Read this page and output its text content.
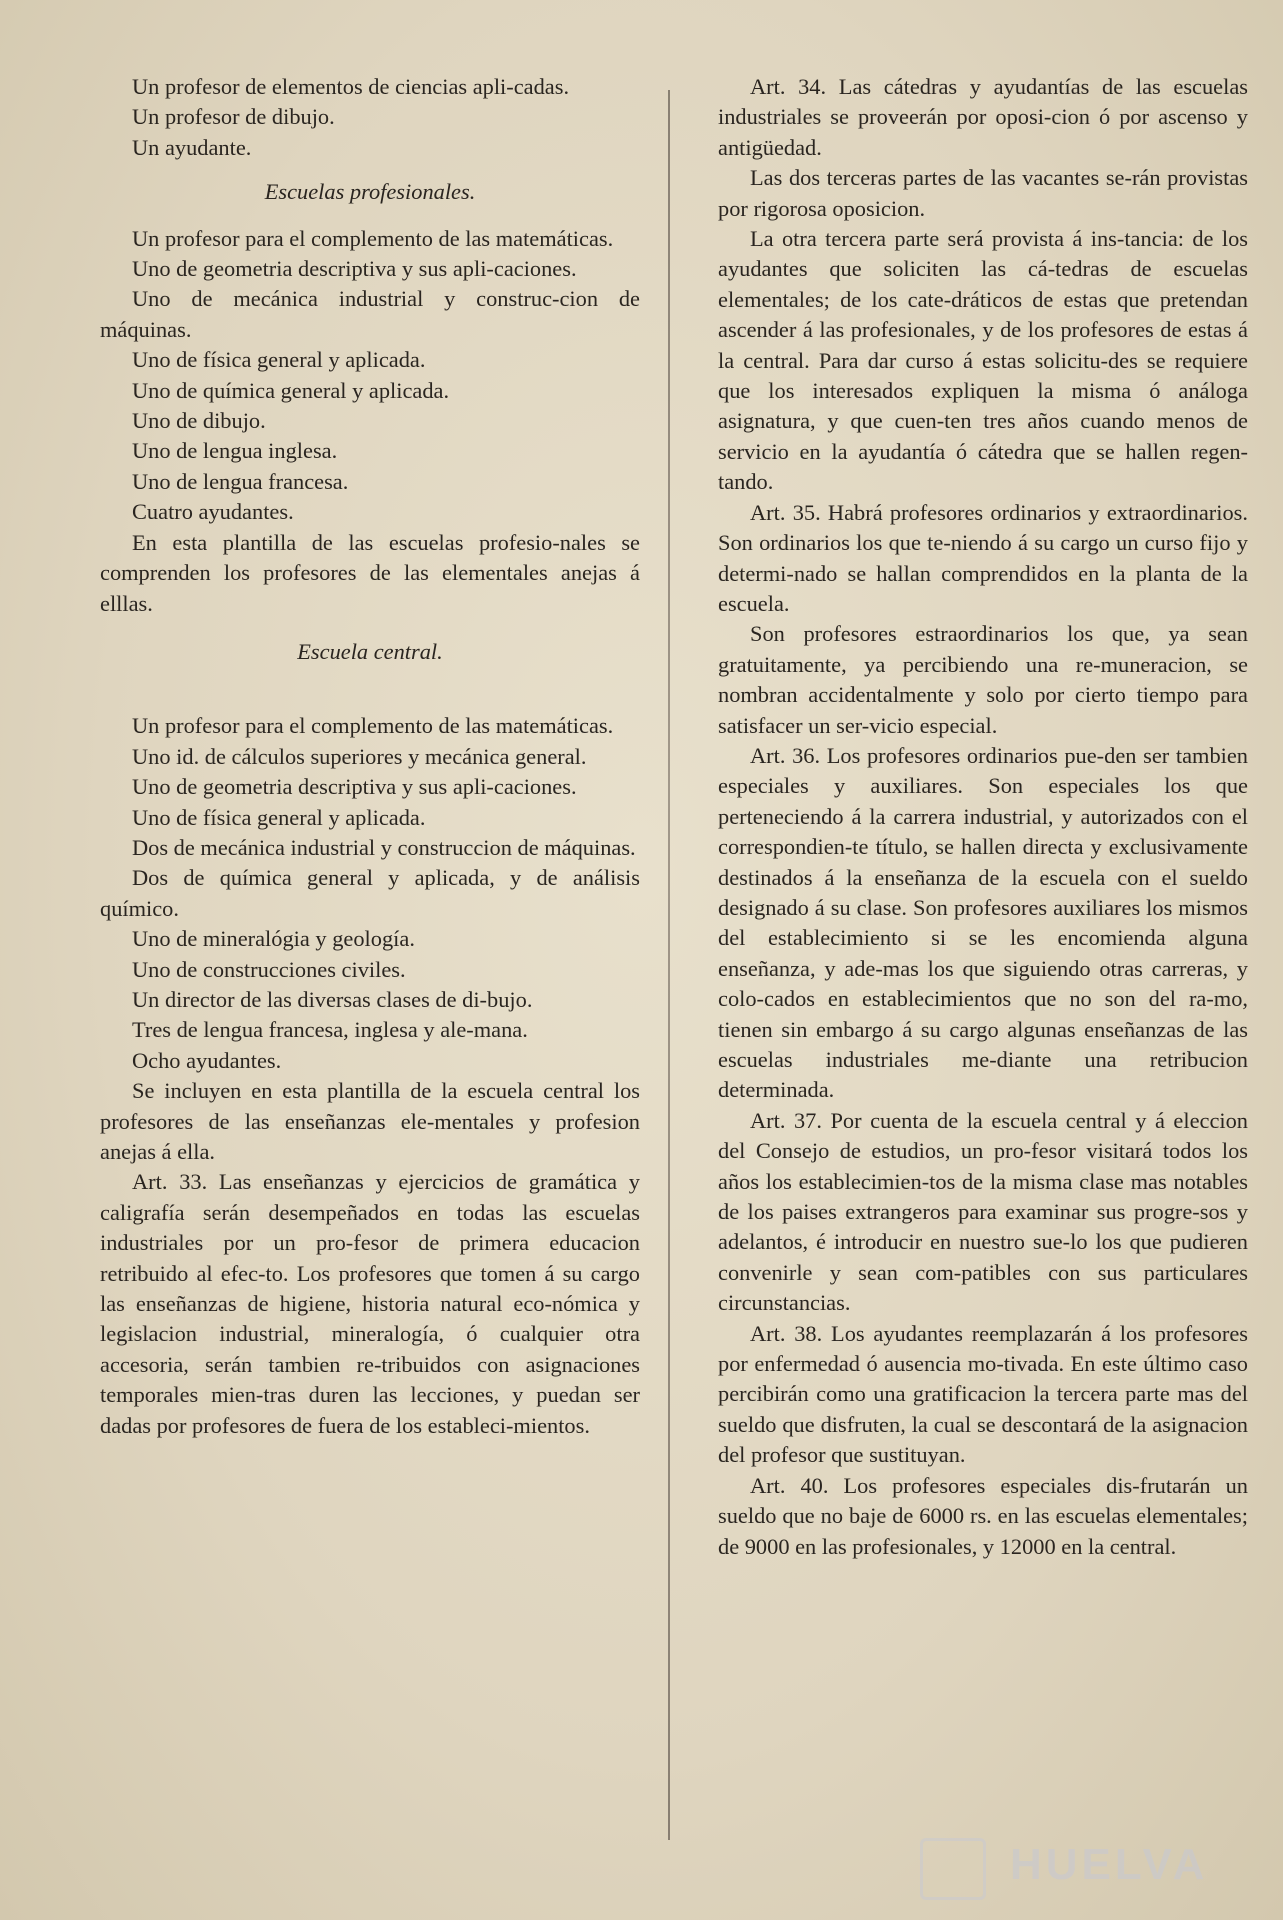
Un profesor de elementos de ciencias apli-cadas.

Un profesor de dibujo.

Un ayudante.

Escuelas profesionales.

Un profesor para el complemento de las matemáticas.

Uno de geometria descriptiva y sus apli-caciones.

Uno de mecánica industrial y construc-cion de máquinas.

Uno de física general y aplicada.

Uno de química general y aplicada.

Uno de dibujo.

Uno de lengua inglesa.

Uno de lengua francesa.

Cuatro ayudantes.

En esta plantilla de las escuelas profesio-nales se comprenden los profesores de las elementales anejas á elllas.

Escuela central.

Un profesor para el complemento de las matemáticas.

Uno id. de cálculos superiores y mecánica general.

Uno de geometria descriptiva y sus apli-caciones.

Uno de física general y aplicada.

Dos de mecánica industrial y construccion de máquinas.

Dos de química general y aplicada, y de análisis químico.

Uno de mineralógia y geología.

Uno de construcciones civiles.

Un director de las diversas clases de di-bujo.

Tres de lengua francesa, inglesa y ale-mana.

Ocho ayudantes.

Se incluyen en esta plantilla de la escuela central los profesores de las enseñanzas ele-mentales y profesion anejas á ella.

Art. 33. Las enseñanzas y ejercicios de gramática y caligrafía serán desempeñados en todas las escuelas industriales por un pro-fesor de primera educacion retribuido al efec-to. Los profesores que tomen á su cargo las enseñanzas de higiene, historia natural eco-nómica y legislacion industrial, mineralogía, ó cualquier otra accesoria, serán tambien re-tribuidos con asignaciones temporales mien-tras duren las lecciones, y puedan ser dadas por profesores de fuera de los estableci-mientos.

Art. 34. Las cátedras y ayudantías de las escuelas industriales se proveerán por oposi-cion ó por ascenso y antigüedad.

Las dos terceras partes de las vacantes se-rán provistas por rigorosa oposicion.

La otra tercera parte será provista á ins-tancia: de los ayudantes que soliciten las cá-tedras de escuelas elementales; de los cate-dráticos de estas que pretendan ascender á las profesionales, y de los profesores de estas á la central. Para dar curso á estas solicitu-des se requiere que los interesados expliquen la misma ó análoga asignatura, y que cuen-ten tres años cuando menos de servicio en la ayudantía ó cátedra que se hallen regen-tando.

Art. 35. Habrá profesores ordinarios y extraordinarios. Son ordinarios los que te-niendo á su cargo un curso fijo y determi-nado se hallan comprendidos en la planta de la escuela.

Son profesores estraordinarios los que, ya sean gratuitamente, ya percibiendo una re-muneracion, se nombran accidentalmente y solo por cierto tiempo para satisfacer un ser-vicio especial.

Art. 36. Los profesores ordinarios pue-den ser tambien especiales y auxiliares. Son especiales los que perteneciendo á la carrera industrial, y autorizados con el correspondien-te título, se hallen directa y exclusivamente destinados á la enseñanza de la escuela con el sueldo designado á su clase. Son profesores auxiliares los mismos del establecimiento si se les encomienda alguna enseñanza, y ade-mas los que siguiendo otras carreras, y colo-cados en establecimientos que no son del ra-mo, tienen sin embargo á su cargo algunas enseñanzas de las escuelas industriales me-diante una retribucion determinada.

Art. 37. Por cuenta de la escuela central y á eleccion del Consejo de estudios, un pro-fesor visitará todos los años los establecimien-tos de la misma clase mas notables de los paises extrangeros para examinar sus progre-sos y adelantos, é introducir en nuestro sue-lo los que pudieren convenirle y sean com-patibles con sus particulares circunstancias.

Art. 38. Los ayudantes reemplazarán á los profesores por enfermedad ó ausencia mo-tivada. En este último caso percibirán como una gratificacion la tercera parte mas del sueldo que disfruten, la cual se descontará de la asignacion del profesor que sustituyan.

Art. 40. Los profesores especiales dis-frutarán un sueldo que no baje de 6000 rs. en las escuelas elementales; de 9000 en las profesionales, y 12000 en la central.

HUELVA
